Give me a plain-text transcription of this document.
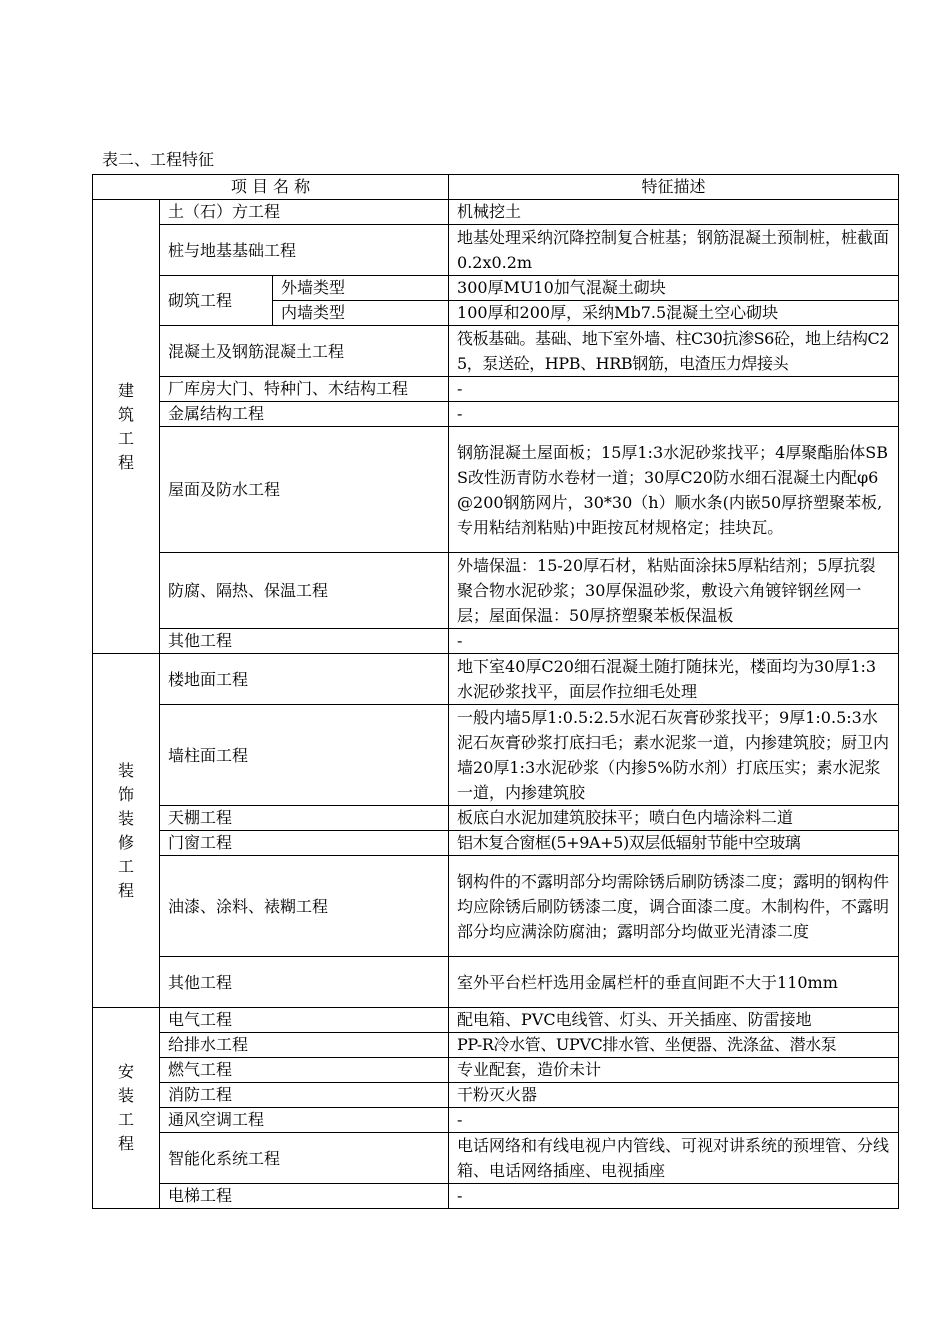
表二、工程特征
项 目 名 称			特征描述
建筑工程	土（石）方工程		机械挖土
	桩与地基基础工程		地基处理采纳沉降控制复合桩基；钢筋混凝土预制桩，桩截面0.2x0.2m
	砌筑工程	外墙类型	300厚MU10加气混凝土砌块
		内墙类型	100厚和200厚，采纳Mb7.5混凝土空心砌块
	混凝土及钢筋混凝土工程		筏板基础。基础、地下室外墙、柱C30抗渗S6砼，地上结构C25，泵送砼，HPB、HRB钢筋，电渣压力焊接头
	厂库房大门、特种门、木结构工程		-
	金属结构工程		-
	屋面及防水工程		钢筋混凝土屋面板；15厚1:3水泥砂浆找平；4厚聚酯胎体SBS改性沥青防水卷材一道；30厚C20防水细石混凝土内配φ6@200钢筋网片，30*30（h）顺水条(内嵌50厚挤塑聚苯板,专用粘结剂粘贴)中距按瓦材规格定；挂块瓦。
	防腐、隔热、保温工程		外墙保温：15-20厚石材，粘贴面涂抹5厚粘结剂；5厚抗裂聚合物水泥砂浆；30厚保温砂浆，敷设六角镀锌钢丝网一层；屋面保温：50厚挤塑聚苯板保温板
	其他工程		-
装饰装修工程	楼地面工程		地下室40厚C20细石混凝土随打随抹光，楼面均为30厚1:3水泥砂浆找平，面层作拉细毛处理
	墙柱面工程		一般内墙5厚1:0.5:2.5水泥石灰膏砂浆找平；9厚1:0.5:3水泥石灰膏砂浆打底扫毛；素水泥浆一道，内掺建筑胶；厨卫内墙20厚1:3水泥砂浆（内掺5%防水剂）打底压实；素水泥浆一道，内掺建筑胶
	天棚工程		板底白水泥加建筑胶抹平；喷白色内墙涂料二道
	门窗工程		铝木复合窗框(5+9A+5)双层低辐射节能中空玻璃
	油漆、涂料、裱糊工程		钢构件的不露明部分均需除锈后刷防锈漆二度；露明的钢构件均应除锈后刷防锈漆二度，调合面漆二度。木制构件，不露明部分均应满涂防腐油；露明部分均做亚光清漆二度
	其他工程		室外平台栏杆选用金属栏杆的垂直间距不大于110mm
安装工程	电气工程		配电箱、PVC电线管、灯头、开关插座、防雷接地
	给排水工程		PP-R冷水管、UPVC排水管、坐便器、洗涤盆、潜水泵
	燃气工程		专业配套，造价未计
	消防工程		干粉灭火器
	通风空调工程		-
	智能化系统工程		电话网络和有线电视户内管线、可视对讲系统的预埋管、分线箱、电话网络插座、电视插座
	电梯工程		-
